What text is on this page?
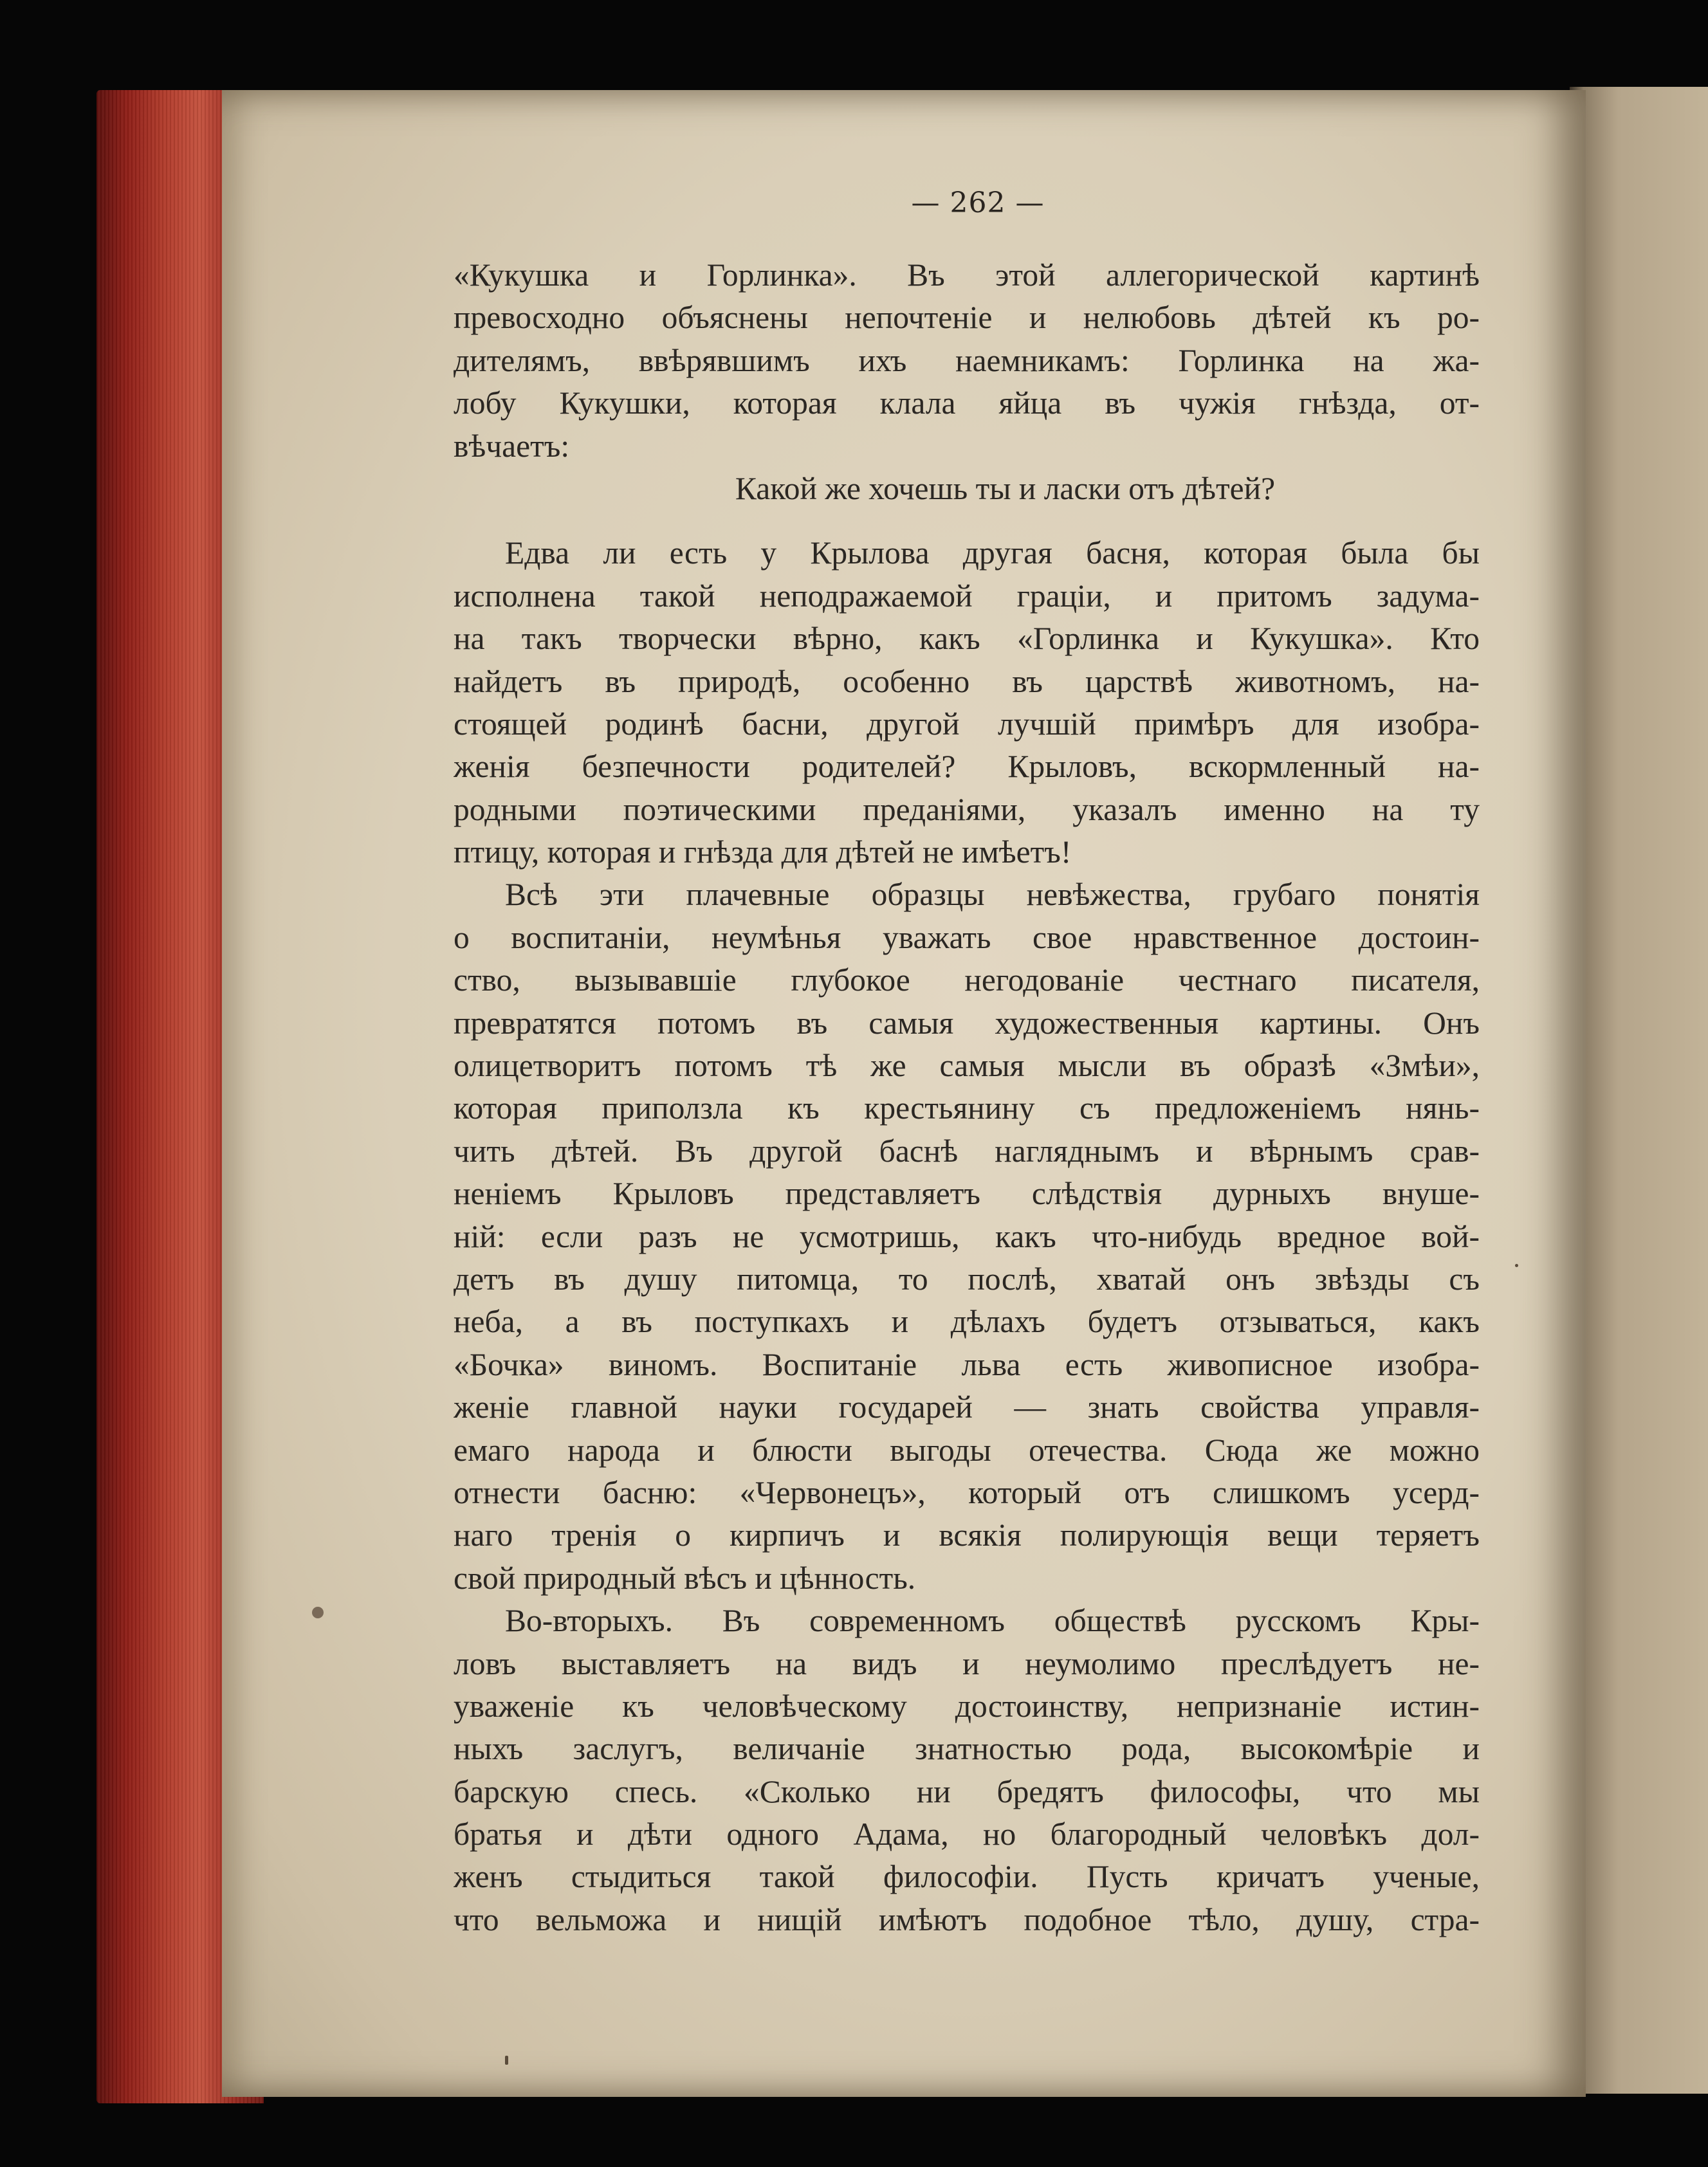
— 262 —
«Кукушка и Горлинка». Въ этой аллегорической картинѣ
превосходно объяснены непочтеніе и нелюбовь дѣтей къ ро-
дителямъ, ввѣрявшимъ ихъ наемникамъ: Горлинка на жа-
лобу Кукушки, которая клала яйца въ чужія гнѣзда, от-
вѣчаетъ:
Какой же хочешь ты и ласки отъ дѣтей?
Едва ли есть у Крылова другая басня, которая была бы
исполнена такой неподражаемой граціи, и притомъ задума-
на такъ творчески вѣрно, какъ «Горлинка и Кукушка». Кто
найдетъ въ природѣ, особенно въ царствѣ животномъ, на-
стоящей родинѣ басни, другой лучшій примѣръ для изобра-
женія безпечности родителей? Крыловъ, вскормленный на-
родными поэтическими преданіями, указалъ именно на ту
птицу, которая и гнѣзда для дѣтей не имѣетъ!
Всѣ эти плачевные образцы невѣжества, грубаго понятія
о воспитаніи, неумѣнья уважать свое нравственное достоин-
ство, вызывавшіе глубокое негодованіе честнаго писателя,
превратятся потомъ въ самыя художественныя картины. Онъ
олицетворитъ потомъ тѣ же самыя мысли въ образѣ «Змѣи»,
которая приползла къ крестьянину съ предложеніемъ нянь-
чить дѣтей. Въ другой баснѣ нагляднымъ и вѣрнымъ срав-
неніемъ Крыловъ представляетъ слѣдствія дурныхъ внуше-
ній: если разъ не усмотришь, какъ что-нибудь вредное вой-
детъ въ душу питомца, то послѣ, хватай онъ звѣзды съ
неба, а въ поступкахъ и дѣлахъ будетъ отзываться, какъ
«Бочка» виномъ. Воспитаніе льва есть живописное изобра-
женіе главной науки государей — знать свойства управля-
емаго народа и блюсти выгоды отечества. Сюда же можно
отнести басню: «Червонецъ», который отъ слишкомъ усерд-
наго тренія о кирпичъ и всякія полирующія вещи теряетъ
свой природный вѣсъ и цѣнность.
Во-вторыхъ. Въ современномъ обществѣ русскомъ Кры-
ловъ выставляетъ на видъ и неумолимо преслѣдуетъ не-
уваженіе къ человѣческому достоинству, непризнаніе истин-
ныхъ заслугъ, величаніе знатностью рода, высокомѣріе и
барскую спесь. «Сколько ни бредятъ философы, что мы
братья и дѣти одного Адама, но благородный человѣкъ дол-
женъ стыдиться такой философіи. Пусть кричатъ ученые,
что вельможа и нищій имѣютъ подобное тѣло, душу, стра-
